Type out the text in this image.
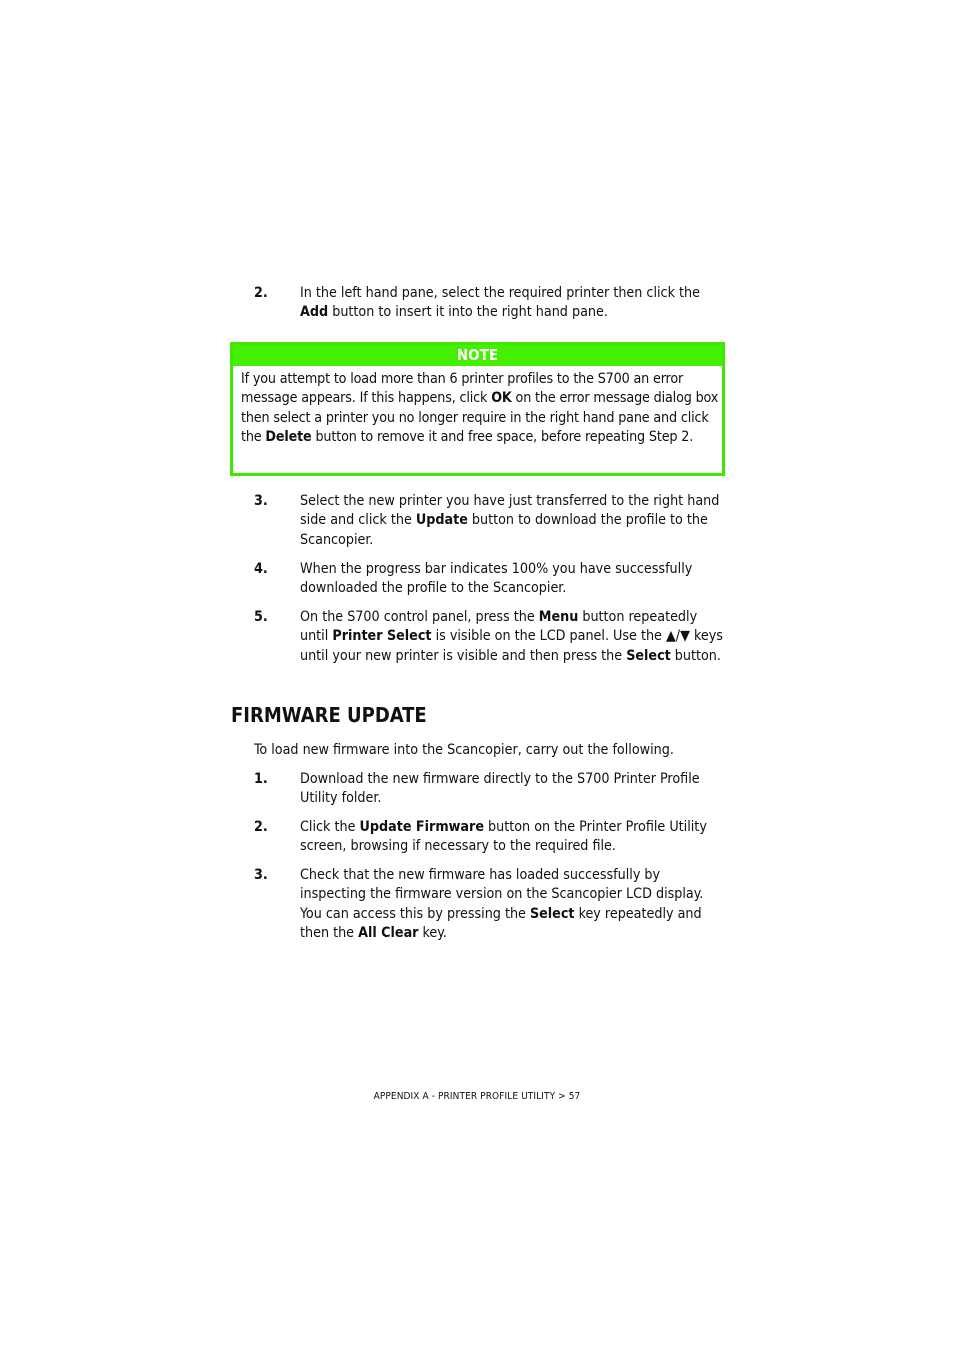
2. In the left hand pane, select the required printer then click the Add button to insert it into the right hand pane.
NOTE
If you attempt to load more than 6 printer profiles to the S700 an error message appears. If this happens, click OK on the error message dialog box then select a printer you no longer require in the right hand pane and click the Delete button to remove it and free space, before repeating Step 2.
3. Select the new printer you have just transferred to the right hand side and click the Update button to download the profile to the Scancopier.
4. When the progress bar indicates 100% you have successfully downloaded the profile to the Scancopier.
5. On the S700 control panel, press the Menu button repeatedly until Printer Select is visible on the LCD panel. Use the ▲/▼ keys until your new printer is visible and then press the Select button.
FIRMWARE UPDATE
To load new firmware into the Scancopier, carry out the following.
1. Download the new firmware directly to the S700 Printer Profile Utility folder.
2. Click the Update Firmware button on the Printer Profile Utility screen, browsing if necessary to the required file.
3. Check that the new firmware has loaded successfully by inspecting the firmware version on the Scancopier LCD display. You can access this by pressing the Select key repeatedly and then the All Clear key.
APPENDIX A - PRINTER PROFILE UTILITY > 57
